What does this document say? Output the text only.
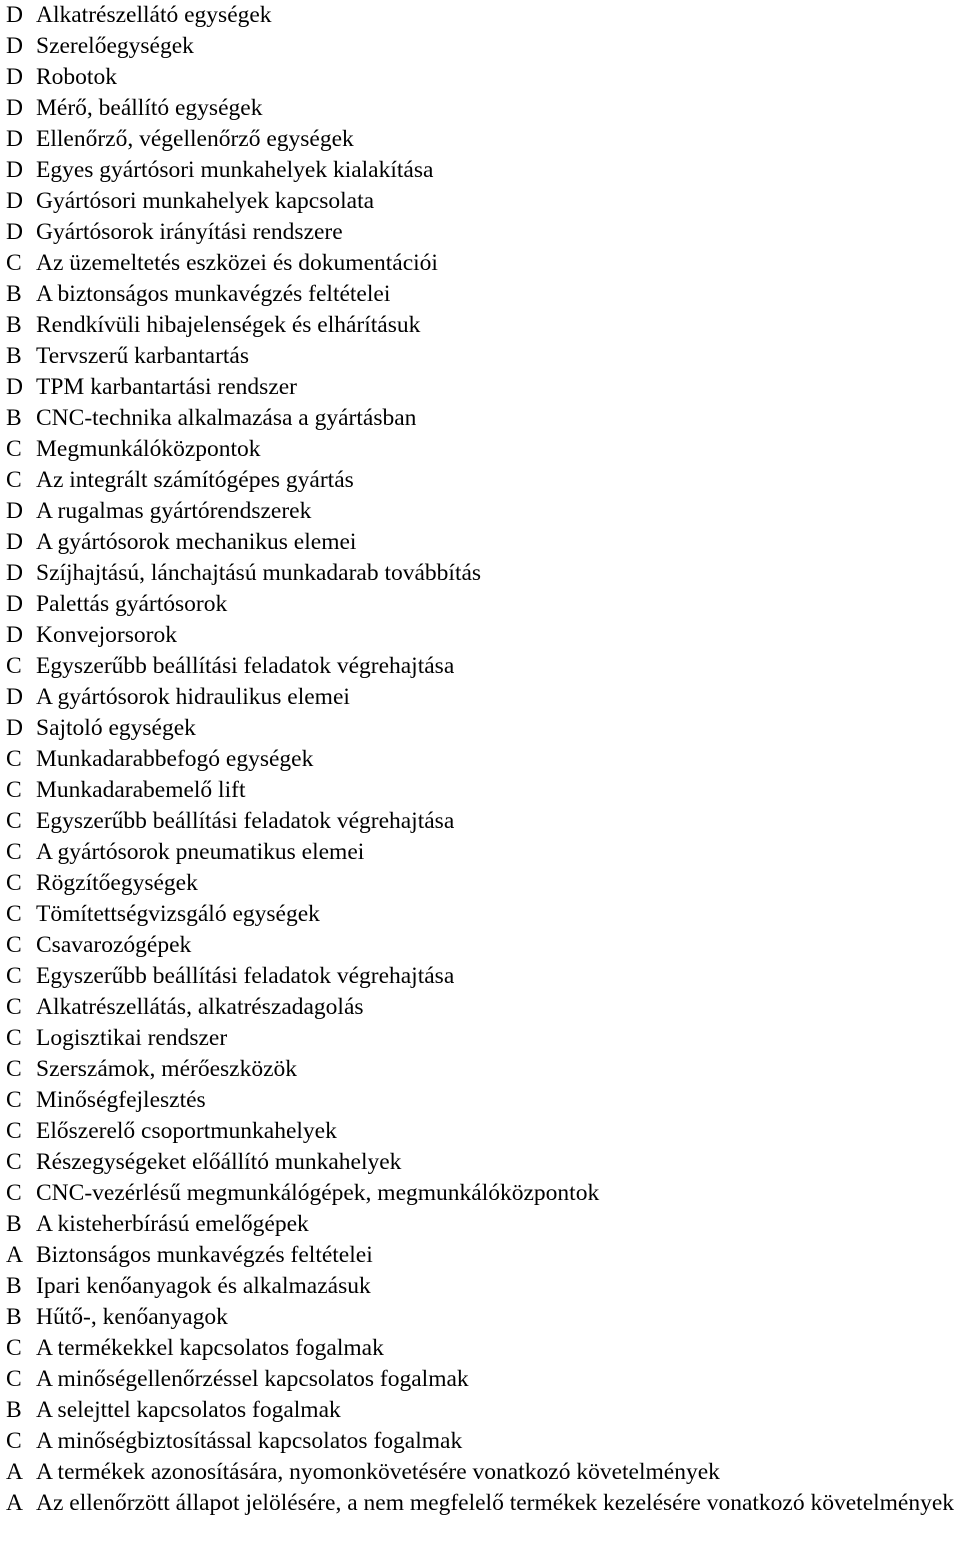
D Alkatrészellátó egységek
D Szerelőegységek
D Robotok
D Mérő, beállító egységek
D Ellenőrző, végellenőrző egységek
D Egyes gyártósori munkahelyek kialakítása
D Gyártósori munkahelyek kapcsolata
D Gyártósorok irányítási rendszere
C Az üzemeltetés eszközei és dokumentációi
B A biztonságos munkavégzés feltételei
B Rendkívüli hibajelenségek és elhárításuk
B Tervszerű karbantartás
D TPM karbantartási rendszer
B CNC-technika alkalmazása a gyártásban
C Megmunkálóközpontok
C Az integrált számítógépes gyártás
D A rugalmas gyártórendszerek
D A gyártósorok mechanikus elemei
D Szíjhajtású, lánchajtású munkadarab továbbítás
D Palettás gyártósorok
D Konvejorsorok
C Egyszerűbb beállítási feladatok végrehajtása
D A gyártósorok hidraulikus elemei
D Sajtoló egységek
C Munkadarabbefogó egységek
C Munkadarabemelő lift
C Egyszerűbb beállítási feladatok végrehajtása
C A gyártósorok pneumatikus elemei
C Rögzítőegységek
C Tömítettségvizsgáló egységek
C Csavarozógépek
C Egyszerűbb beállítási feladatok végrehajtása
C Alkatrészellátás, alkatrészadagolás
C Logisztikai rendszer
C Szerszámok, mérőeszközök
C Minőségfejlesztés
C Előszerelő csoportmunkahelyek
C Részegységeket előállító munkahelyek
C CNC-vezérlésű megmunkálógépek, megmunkálóközpontok
B A kisteherbírású emelőgépek
A Biztonságos munkavégzés feltételei
B Ipari kenőanyagok és alkalmazásuk
B Hűtő-, kenőanyagok
C A termékekkel kapcsolatos fogalmak
C A minőségellenőrzéssel kapcsolatos fogalmak
B A selejttel kapcsolatos fogalmak
C A minőségbiztosítással kapcsolatos fogalmak
A A termékek azonosítására, nyomonkövetésére vonatkozó követelmények
A Az ellenőrzött állapot jelölésére, a nem megfelelő termékek kezelésére vonatkozó követelmények
